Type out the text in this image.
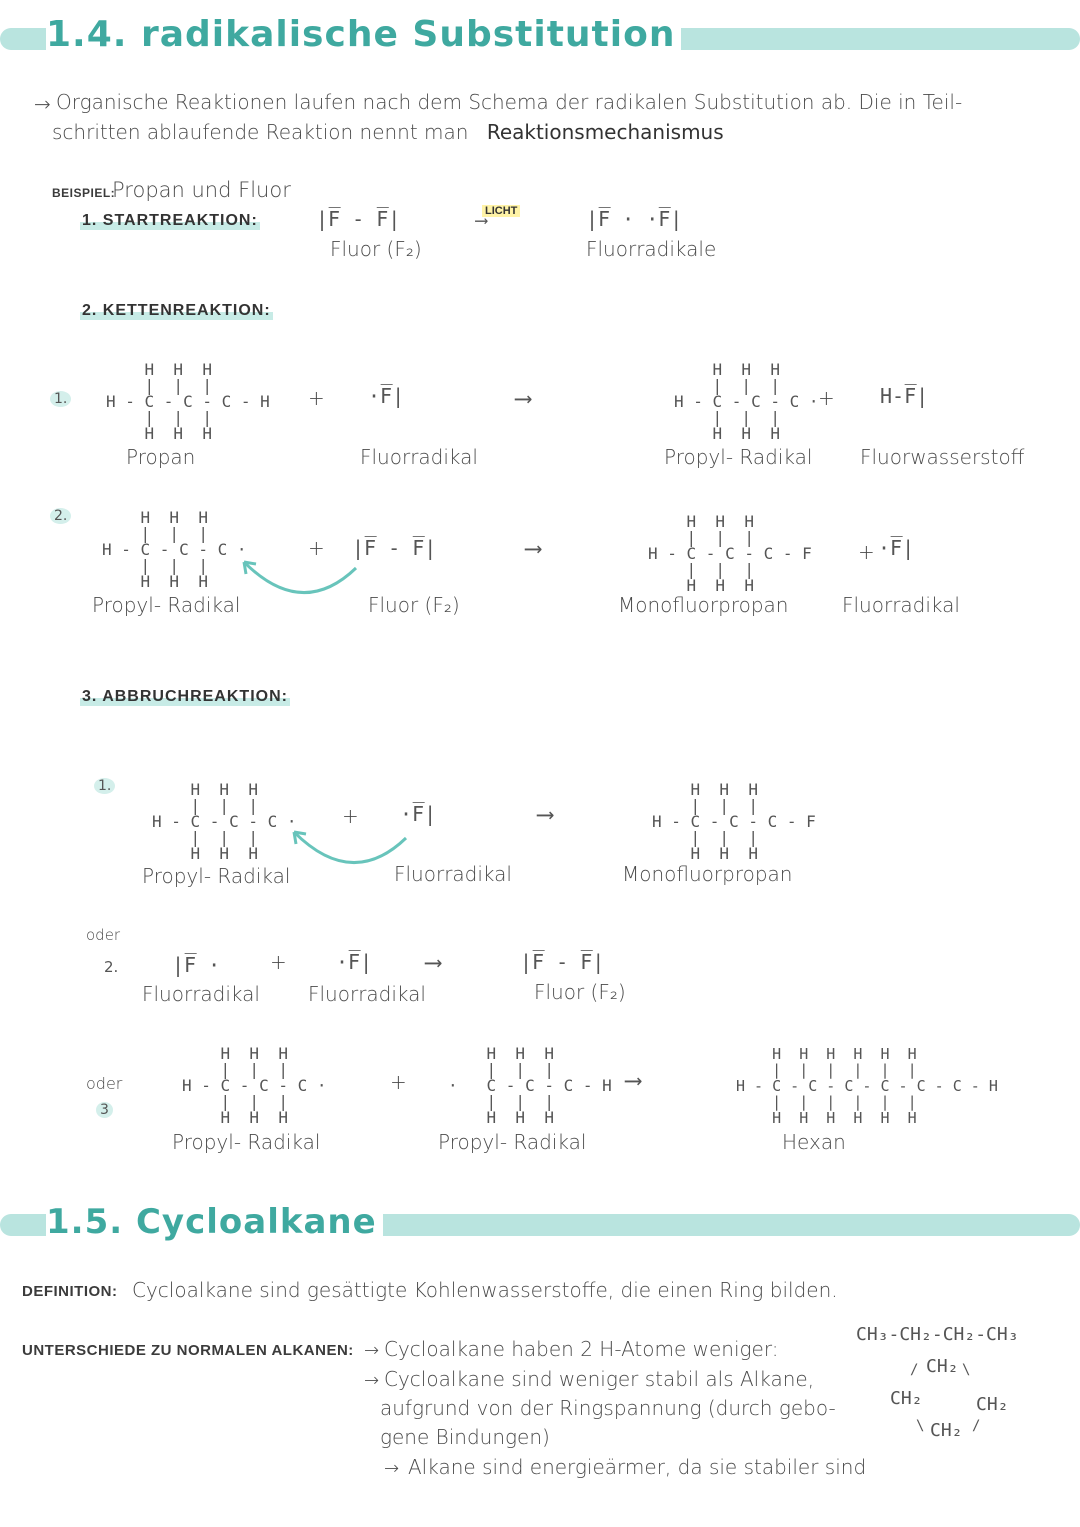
1.4. radikalische Substitution
→ Organische Reaktionen laufen nach dem Schema der radikalen Substitution ab. Die in Teil-
schritten ablaufende Reaktion nennt man Reaktionsmechanismus
BEISPIEL:
Propan und Fluor
1. STARTREAKTION:	|F̅ - F̅|
Fluor (F₂)
LICHT
⟶	|F̅ · ·F̅|
Fluorradikale
2. KETTENREAKTION:
1.
H  H  H
|  |  |
H - C - C - C - H
|  |  |
H  H  H
Propan
+ ·F̅|
Fluorradikal
⟶
H  H  H
|  |  |
H - C - C - C ·
|  |  |
H  H  H
+
Propyl- Radikal
H-F̅|
Fluorwasserstoff
2.	H  H  H
|  |  |
H - C - C - C ·
|  |  |
H  H  H
Propyl- Radikal
+ |F̅ - F̅|
Fluor (F₂)
⟶
H  H  H
|  |  |
H - C - C - C - F
|  |  |
H  H  H
Monofluorpropan
+ ·F̅|
Fluorradikal
3. ABBRUCHREAKTION:
1.	H  H  H
|  |  |
H - C - C - C ·
|  |  |
H  H  H
Propyl- Radikal
+ ·F̅|
Fluorradikal
⟶
H  H  H
|  |  |
H - C - C - C - F
|  |  |
H  H  H
Monofluorpropan
oder
2.	|F̅ ·
Fluorradikal
+ ·F̅|
Fluorradikal
⟶	|F̅ - F̅|
Fluor (F₂)
oder
3
H  H  H
|  |  |
H - C - C - C ·
|  |  |
H  H  H
Propyl- Radikal
+
H  H  H
|  |  |
·   C - C - C - H
|  |  |
H  H  H
Propyl- Radikal
⟶
H  H  H  H  H  H
|  |  |  |  |  |
H - C - C - C - C - C - C - H
|  |  |  |  |  |
H  H  H  H  H  H
Hexan
1.5. Cycloalkane
DEFINITION: Cycloalkane sind gesättigte Kohlenwasserstoffe, die einen Ring bilden.
UNTERSCHIEDE ZU NORMALEN ALKANEN: → Cycloalkane haben 2 H-Atome weniger:
→ Cycloalkane sind weniger stabil als Alkane,
aufgrund von der Ringspannung (durch gebo-
gene Bindungen)
→ Alkane sind energieärmer, da sie stabiler sind
CH₃-CH₂-CH₂-CH₃
/ CH₂ \
CH₂	CH₂
\ CH₂ /
